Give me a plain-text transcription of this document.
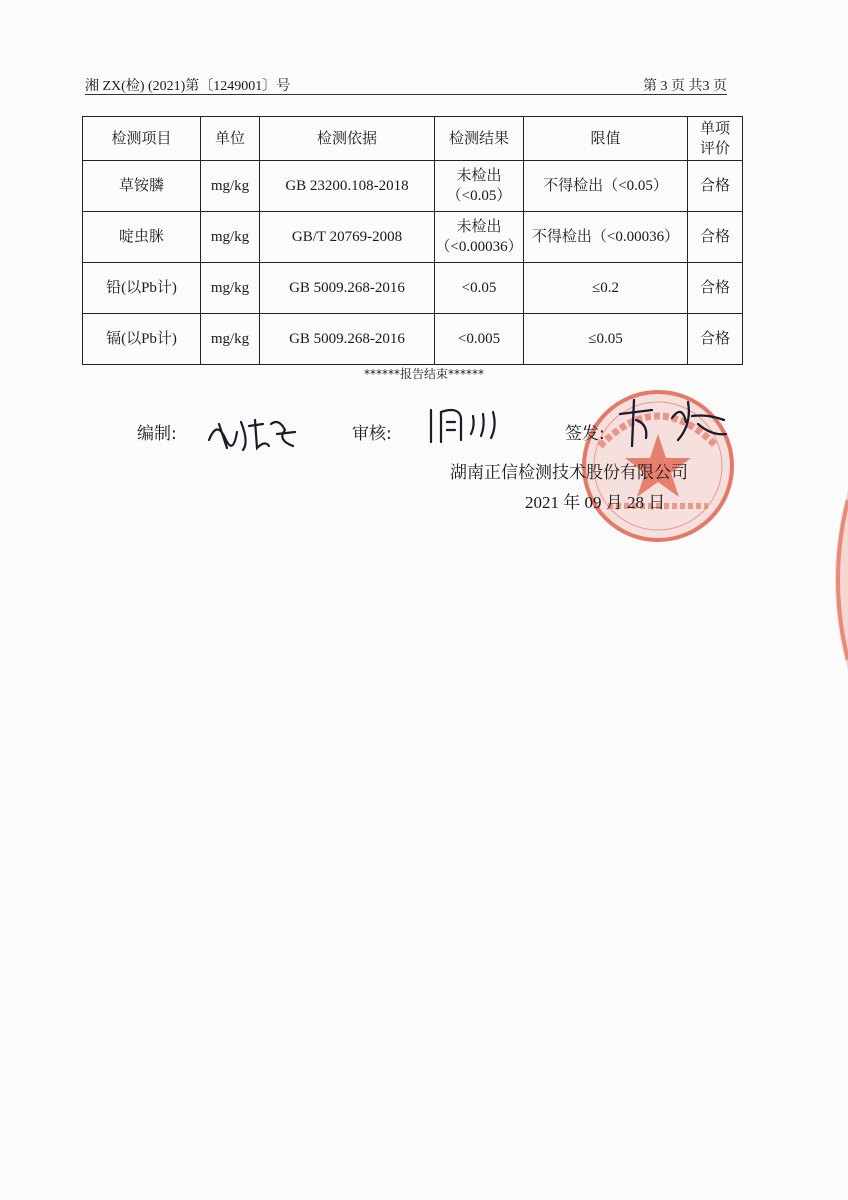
湘 ZX(检) (2021)第〔1249001〕号	第 3 页 共3 页
检测项目	单位	检测依据	检测结果	限值	单项
评价

草铵膦	mg/kg	GB 23200.108-2018	未检出
（<0.05）	不得检出（<0.05）	合格
啶虫脒	mg/kg	GB/T 20769-2008	未检出
（<0.00036）	不得检出（<0.00036）	合格
铅(以Pb计)	mg/kg	GB 5009.268-2016	<0.05	≤0.2	合格
镉(以Pb计)	mg/kg	GB 5009.268-2016	<0.005	≤0.05	合格
******报告结束******
编制:	审核:	签发:
湖南正信检测技术股份有限公司
2021 年 09 月 28 日
